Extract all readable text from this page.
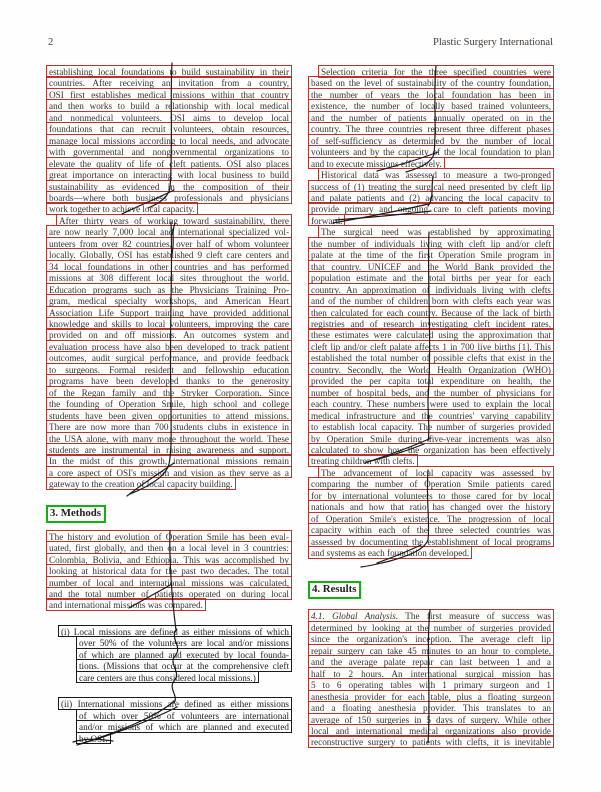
2	Plastic Surgery International
establishing local foundations to build sustainability in their
countries. After receiving an invitation from a country,
OSI first establishes medical missions within that country
and then works to build a relationship with local medical
and nonmedical volunteers. OSI aims to develop local
foundations that can recruit volunteers, obtain resources,
manage local missions according to local needs, and advocate
with governmental and nongovernmental organizations to
elevate the quality of life of cleft patients. OSI also places
great importance on interacting with local business to build
sustainability as evidenced in the composition of their
boards—where both business professionals and physicians
work together to achieve local capacity.
After thirty years of working toward sustainability, there
are now nearly 7,000 local and international specialized vol-
unteers from over 82 countries, over half of whom volunteer
locally. Globally, OSI has established 9 cleft care centers and
34 local foundations in other countries and has performed
missions at 308 different local sites throughout the world.
Education programs such as the Physicians Training Pro-
gram, medical specialty workshops, and American Heart
Association Life Support training have provided additional
knowledge and skills to local volunteers, improving the care
provided on and off missions. An outcomes system and
evaluation process have also been developed to track patient
outcomes, audit surgical performance, and provide feedback
to surgeons. Formal resident and fellowship education
programs have been developed thanks to the generosity
of the Regan family and the Stryker Corporation. Since
the founding of Operation Smile, high school and college
students have been given opportunities to attend missions.
There are now more than 700 students clubs in existence in
the USA alone, with many more throughout the world. These
students are instrumental in raising awareness and support.
In the midst of this growth, international missions remain
a core aspect of OSI's mission and vision as they serve as a
gateway to the creation of local capacity building.
3. Methods

The history and evolution of Operation Smile has been eval-
uated, first globally, and then on a local level in 3 countries:
Colombia, Bolivia, and Ethiopia. This was accomplished by
looking at historical data for the past two decades. The total
number of local and international missions was calculated,
and the total number of patients operated on during local
and international missions was compared.
(i) Local missions are defined as either missions of which
over 50% of the volunteers are local and/or missions
of which are planned and executed by local founda-
tions. (Missions that occur at the comprehensive cleft
care centers are thus considered local missions.)
(ii) International missions are defined as either missions
of which over 50% of volunteers are international
and/or missions of which are planned and executed
by OSI.
Selection criteria for the three specified countries were
based on the level of sustainability of the country foundation,
the number of years the local foundation has been in
existence, the number of locally based trained volunteers,
and the number of patients annually operated on in the
country. The three countries represent three different phases
of self-sufficiency as determined by the number of local
volunteers and by the capacity of the local foundation to plan
and to execute missions effectively.
Historical data was assessed to measure a two-pronged
success of (1) treating the surgical need presented by cleft lip
and palate patients and (2) advancing the local capacity to
provide primary and ongoing care to cleft patients moving
forward.
The surgical need was established by approximating
the number of individuals living with cleft lip and/or cleft
palate at the time of the first Operation Smile program in
that country. UNICEF and the World Bank provided the
population estimate and the total births per year for each
country. An approximation of individuals living with clefts
and of the number of children born with clefts each year was
then calculated for each country. Because of the lack of birth
registries and of research investigating cleft incident rates,
these estimates were calculated using the approximation that
cleft lip and/or cleft palate affects 1 in 700 live births [1]. This
established the total number of possible clefts that exist in the
country. Secondly, the World Health Organization (WHO)
provided the per capita total expenditure on health, the
number of hospital beds, and the number of physicians for
each country. These numbers were used to explain the local
medical infrastructure and the countries' varying capability
to establish local capacity. The number of surgeries provided
by Operation Smile during five-year increments was also
calculated to show how the organization has been effectively
treating children with clefts.
The advancement of local capacity was assessed by
comparing the number of Operation Smile patients cared
for by international volunteers to those cared for by local
nationals and how that ratio has changed over the history
of Operation Smile's existence. The progression of local
capacity within each of the three selected countries was
assessed by documenting the establishment of local programs
and systems as each foundation developed.
4. Results

4.1. Global Analysis. The first measure of success was
determined by looking at the number of surgeries provided
since the organization's inception. The average cleft lip
repair surgery can take 45 minutes to an hour to complete,
and the average palate repair can last between 1 and a
half to 2 hours. An international surgical mission has
5 to 6 operating tables with 1 primary surgeon and 1
anesthesia provider for each table, plus a floating surgeon
and a floating anesthesia provider. This translates to an
average of 150 surgeries in 5 days of surgery. While other
local and international medical organizations also provide
reconstructive surgery to patients with clefts, it is inevitable
